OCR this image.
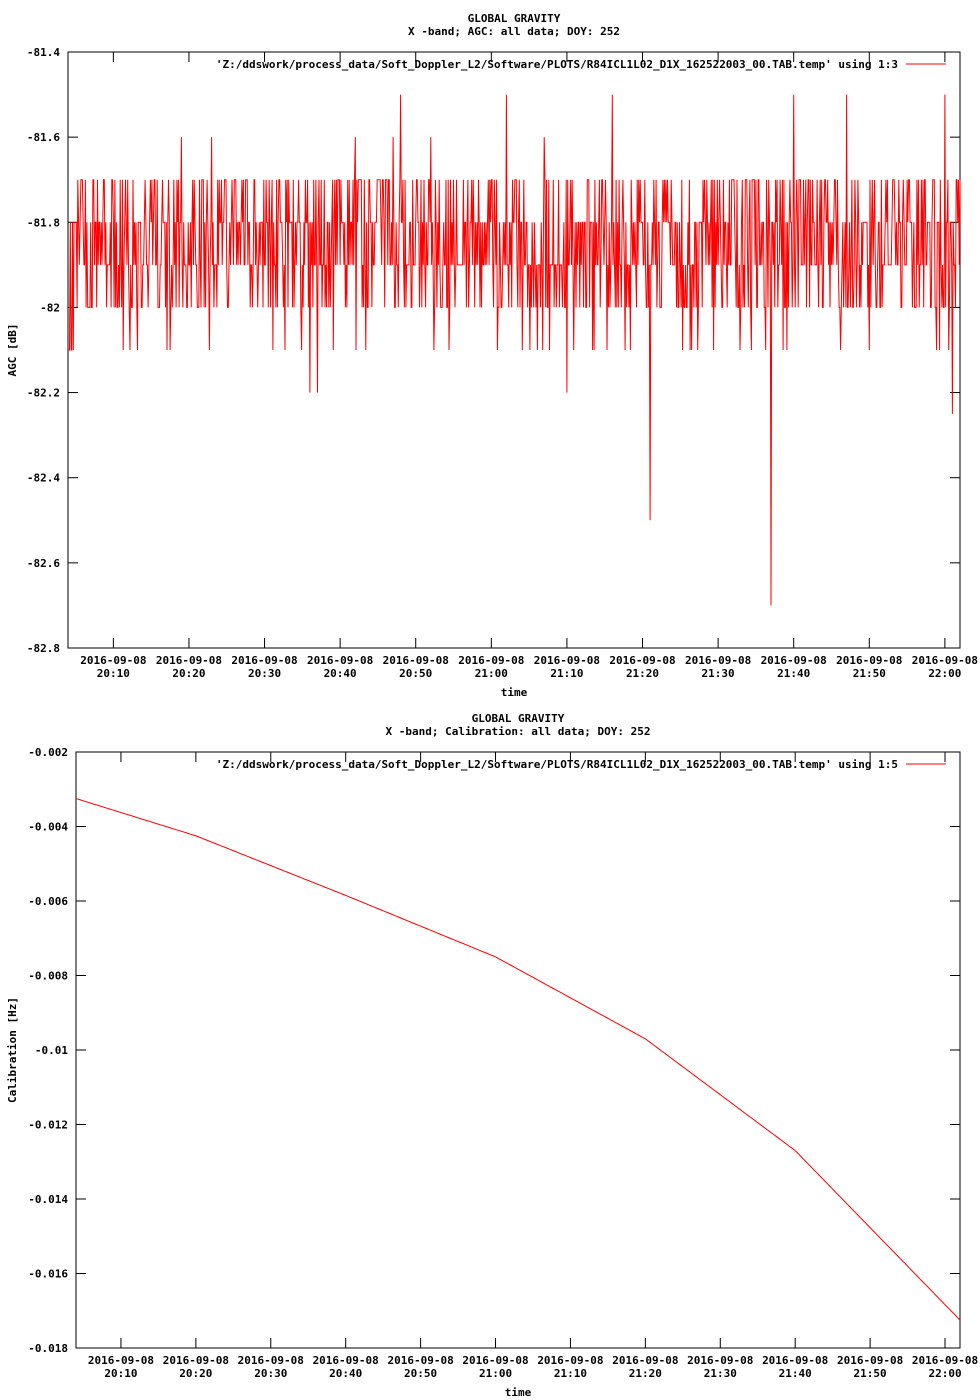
GLOBAL GRAVITY
X -band; AGC: all data; DOY: 252
-81.4
-81.6
-81.8
-82
-82.2
-82.4
-82.6
-82.8
2016-09-08
20:10
2016-09-08
20:20
2016-09-08
20:30
2016-09-08
20:40
2016-09-08
20:50
2016-09-08
21:00
2016-09-08
21:10
2016-09-08
21:20
2016-09-08
21:30
2016-09-08
21:40
2016-09-08
21:50
2016-09-08
22:00
time
AGC [dB]
'Z:/ddswork/process_data/Soft_Doppler_L2/Software/PLOTS/R84ICL1L02_D1X_162522003_00.TAB.temp' using 1:3
GLOBAL GRAVITY
X -band; Calibration: all data; DOY: 252
-0.002
-0.004
-0.006
-0.008
-0.01
-0.012
-0.014
-0.016
-0.018
2016-09-08
20:10
2016-09-08
20:20
2016-09-08
20:30
2016-09-08
20:40
2016-09-08
20:50
2016-09-08
21:00
2016-09-08
21:10
2016-09-08
21:20
2016-09-08
21:30
2016-09-08
21:40
2016-09-08
21:50
2016-09-08
22:00
time
Calibration [Hz]
'Z:/ddswork/process_data/Soft_Doppler_L2/Software/PLOTS/R84ICL1L02_D1X_162522003_00.TAB.temp' using 1:5
